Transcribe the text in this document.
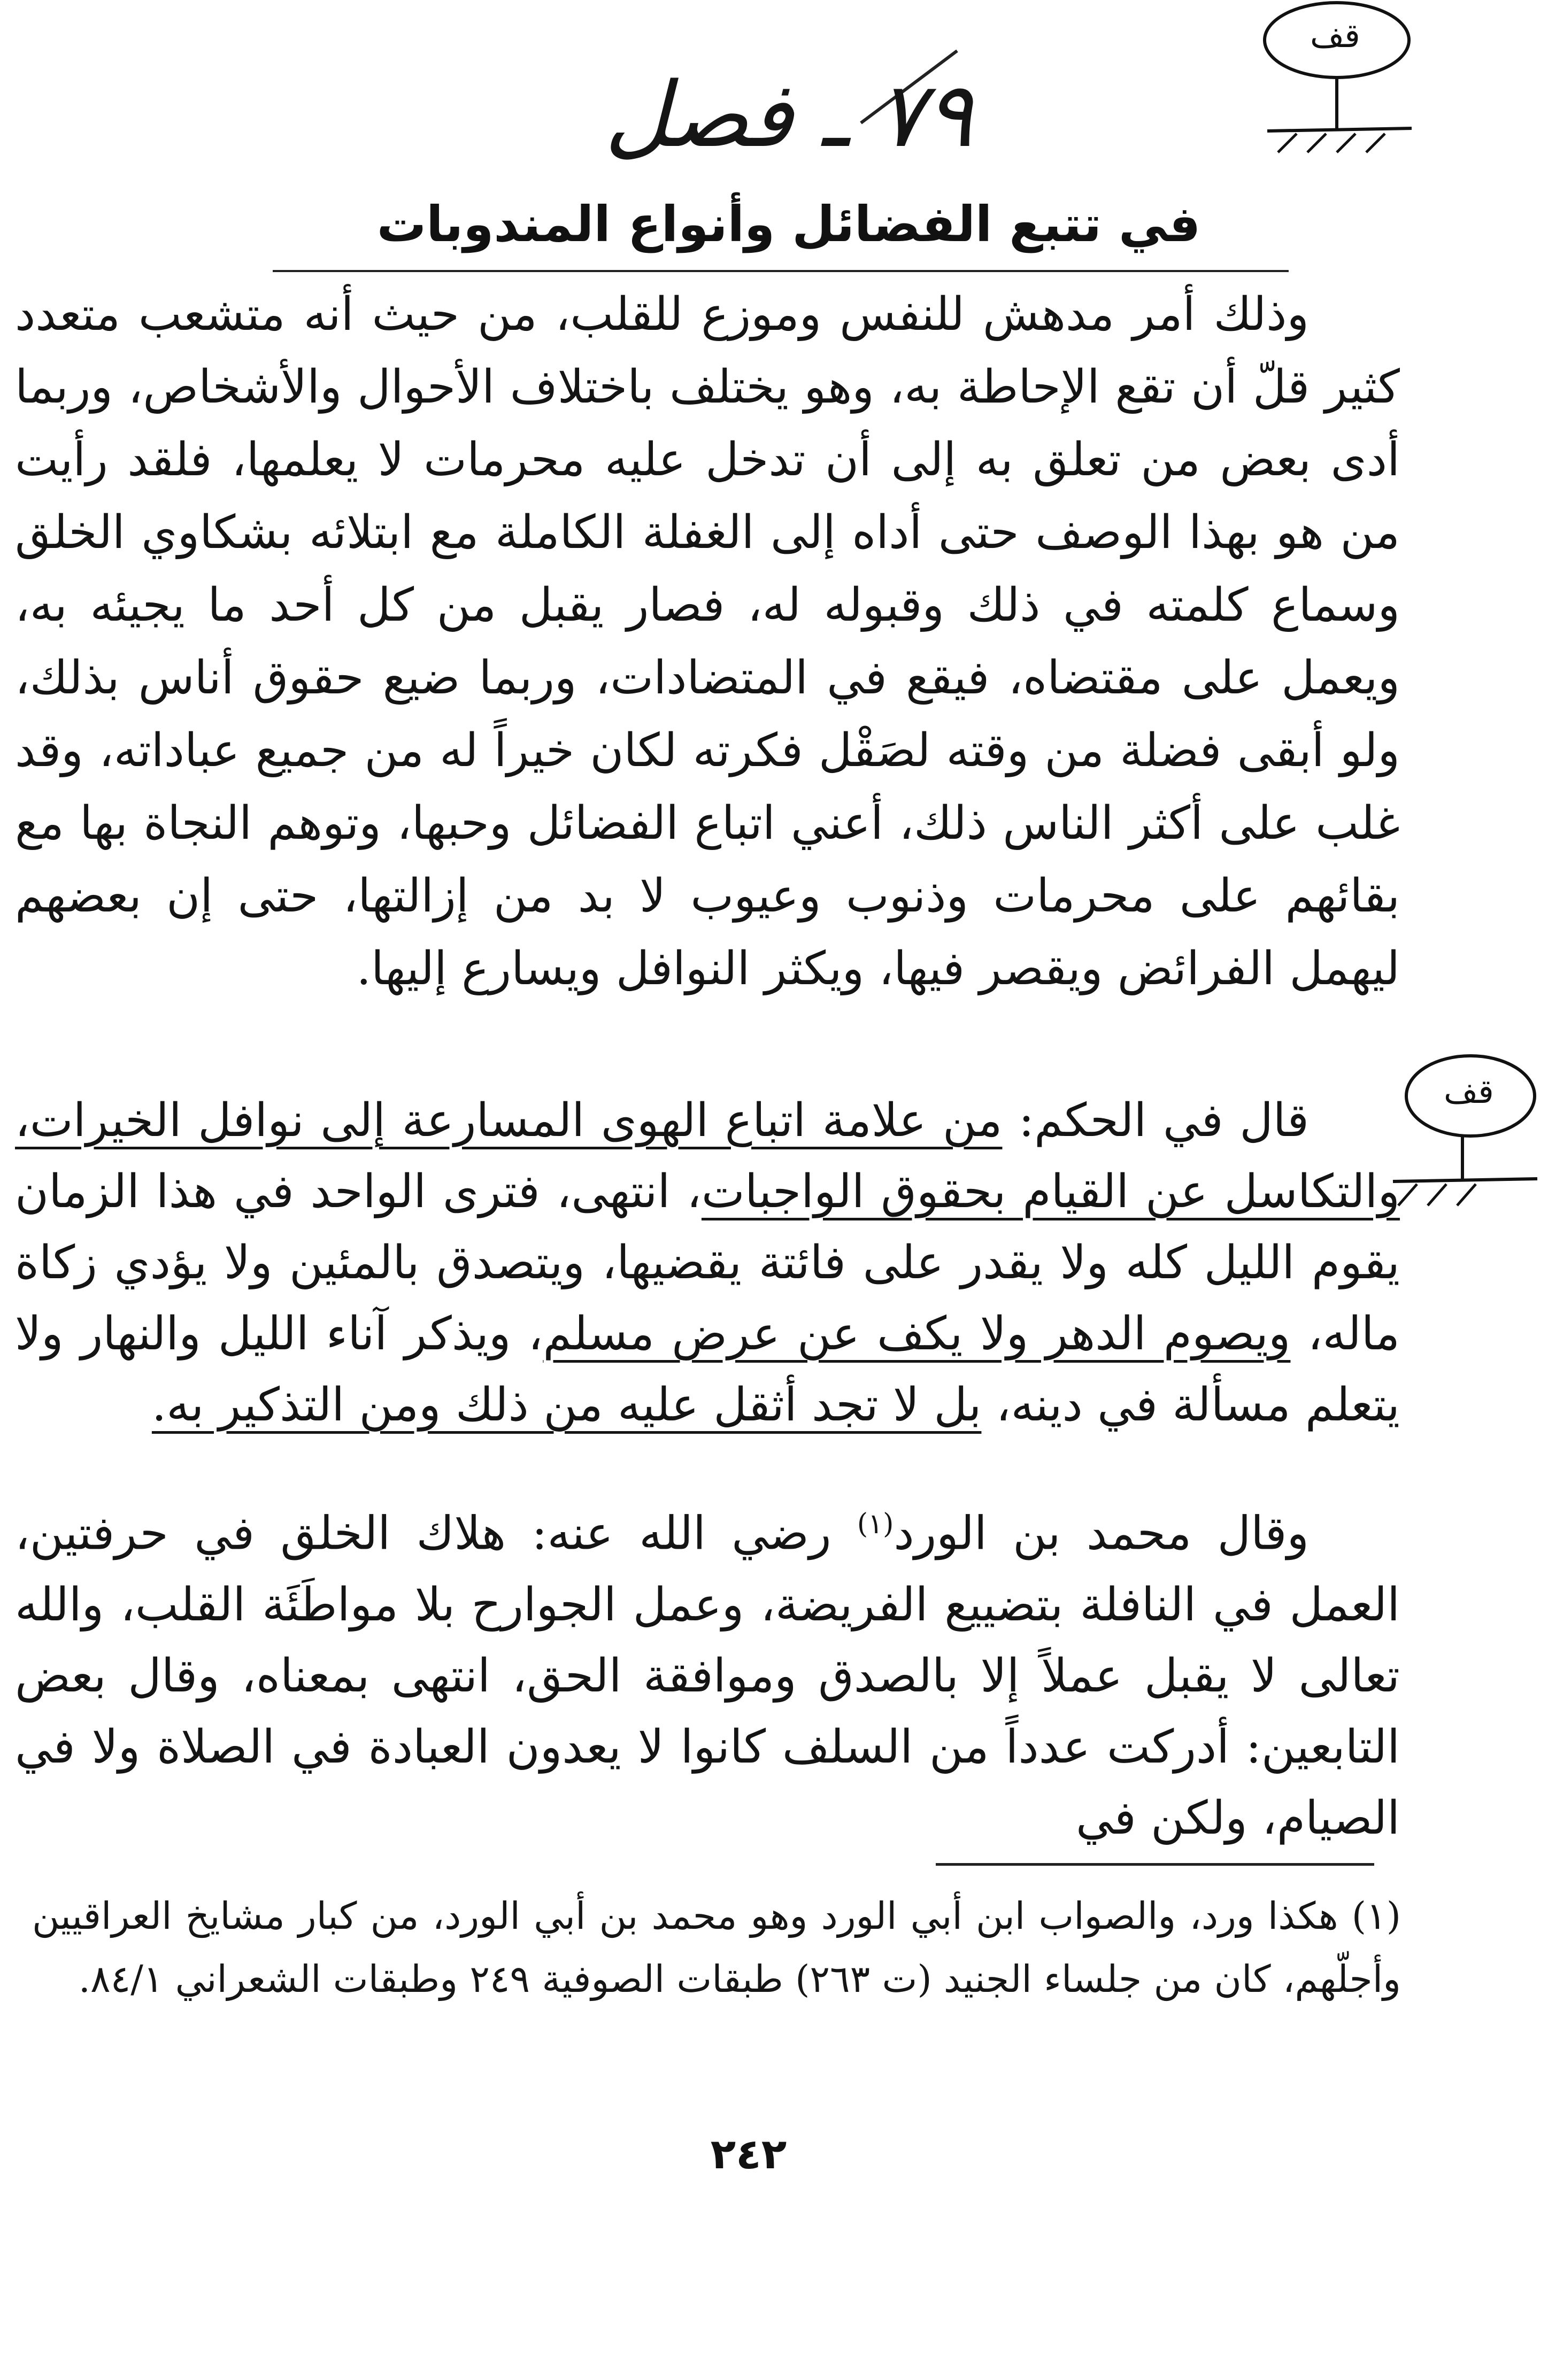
قف
٧٩ ـ فصل
في تتبع الفضائل وأنواع المندوبات

وذلك أمر مدهش للنفس وموزع للقلب، من حيث أنه متشعب متعدد كثير قلّ أن تقع الإحاطة به، وهو يختلف باختلاف الأحوال والأشخاص، وربما أدى بعض من تعلق به إلى أن تدخل عليه محرمات لا يعلمها، فلقد رأيت من هو بهذا الوصف حتى أداه إلى الغفلة الكاملة مع ابتلائه بشكاوي الخلق وسماع كلمته في ذلك وقبوله له، فصار يقبل من كل أحد ما يجيئه به، ويعمل على مقتضاه، فيقع في المتضادات، وربما ضيع حقوق أناس بذلك، ولو أبقى فضلة من وقته لصَقْل فكرته لكان خيراً له من جميع عباداته، وقد غلب على أكثر الناس ذلك، أعني اتباع الفضائل وحبها، وتوهم النجاة بها مع بقائهم على محرمات وذنوب وعيوب لا بد من إزالتها، حتى إن بعضهم ليهمل الفرائض ويقصر فيها، ويكثر النوافل ويسارع إليها.

قف

قال في الحكم: من علامة اتباع الهوى المسارعة إلى نوافل الخيرات، والتكاسل عن القيام بحقوق الواجبات، انتهى، فترى الواحد في هذا الزمان يقوم الليل كله ولا يقدر على فائتة يقضيها، ويتصدق بالمئين ولا يؤدي زكاة ماله، ويصوم الدهر ولا يكف عن عرض مسلم، ويذكر آناء الليل والنهار ولا يتعلم مسألة في دينه، بل لا تجد أثقل عليه من ذلك ومن التذكير به.

وقال محمد بن الورد$^{(١)}$ رضي الله عنه: هلاك الخلق في حرفتين، العمل في النافلة بتضييع الفريضة، وعمل الجوارح بلا مواطَئَة القلب، والله تعالى لا يقبل عملاً إلا بالصدق وموافقة الحق، انتهى بمعناه، وقال بعض التابعين: أدركت عدداً من السلف كانوا لا يعدون العبادة في الصلاة ولا في الصيام، ولكن في

(١) هكذا ورد، والصواب ابن أبي الورد وهو محمد بن أبي الورد، من كبار مشايخ العراقيين وأجلّهم، كان من جلساء الجنيد (ت ٢٦٣) طبقات الصوفية ٢٤٩ وطبقات الشعراني ٨٤/١.

٢٤٢
